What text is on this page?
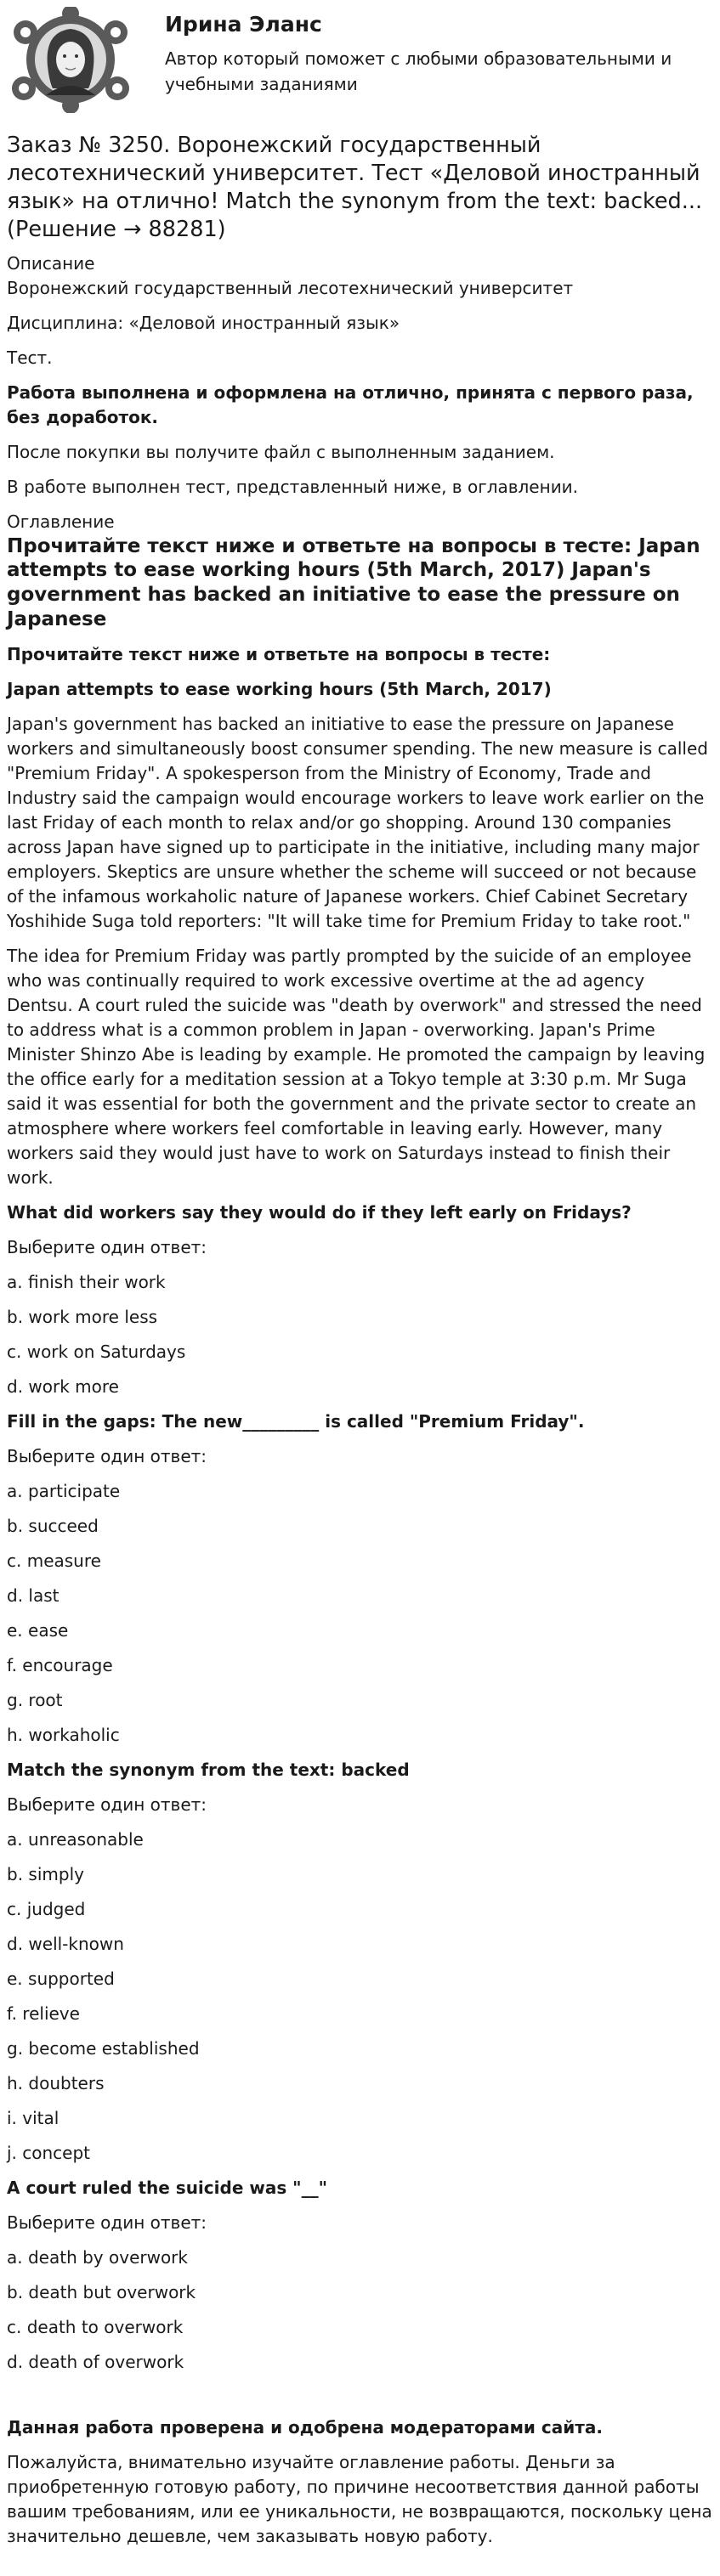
Ирина Эланс
Автор который поможет с любыми образовательными и учебными заданиями
Заказ № 3250. Воронежский государственный лесотехнический университет. Тест «Деловой иностранный язык» на отлично! Match the synonym from the text: backed... (Решение → 88281)
Описание

Воронежский государственный лесотехнический университет

Дисциплина: «Деловой иностранный язык»

Тест.

Работа выполнена и оформлена на отлично, принята с первого раза, без доработок.

После покупки вы получите файл с выполненным заданием.

В работе выполнен тест, представленный ниже, в оглавлении.

Оглавление
Прочитайте текст ниже и ответьте на вопросы в тесте: Japan attempts to ease working hours (5th March, 2017) Japan's government has backed an initiative to ease the pressure on Japanese

Прочитайте текст ниже и ответьте на вопросы в тесте:

Japan attempts to ease working hours (5th March, 2017)

Japan's government has backed an initiative to ease the pressure on Japanese workers and simultaneously boost consumer spending. The new measure is called "Premium Friday". A spokesperson from the Ministry of Economy, Trade and Industry said the campaign would encourage workers to leave work earlier on the last Friday of each month to relax and/or go shopping. Around 130 companies across Japan have signed up to participate in the initiative, including many major employers. Skeptics are unsure whether the scheme will succeed or not because of the infamous workaholic nature of Japanese workers. Chief Cabinet Secretary Yoshihide Suga told reporters: "It will take time for Premium Friday to take root."

The idea for Premium Friday was partly prompted by the suicide of an employee who was continually required to work excessive overtime at the ad agency Dentsu. A court ruled the suicide was "death by overwork" and stressed the need to address what is a common problem in Japan - overworking. Japan's Prime Minister Shinzo Abe is leading by example. He promoted the campaign by leaving the office early for a meditation session at a Tokyo temple at 3:30 p.m. Mr Suga said it was essential for both the government and the private sector to create an atmosphere where workers feel comfortable in leaving early. However, many workers said they would just have to work on Saturdays instead to finish their work.

What did workers say they would do if they left early on Fridays?

Выберите один ответ:

a. finish their work

b. work more less

c. work on Saturdays

d. work more

Fill in the gaps: The new_________ is called "Premium Friday".

Выберите один ответ:

a. participate

b. succeed

c. measure

d. last

e. ease

f. encourage

g. root

h. workaholic

Match the synonym from the text: backed

Выберите один ответ:

a. unreasonable

b. simply

c. judged

d. well-known

e. supported

f. relieve

g. become established

h. doubters

i. vital

j. concept

A court ruled the suicide was "__"

Выберите один ответ:

a. death by overwork

b. death but overwork

c. death to overwork

d. death of overwork

Данная работа проверена и одобрена модераторами сайта.

Пожалуйста, внимательно изучайте оглавление работы. Деньги за приобретенную готовую работу, по причине несоответствия данной работы вашим требованиям, или ее уникальности, не возвращаются, поскольку цена значительно дешевле, чем заказывать новую работу.
